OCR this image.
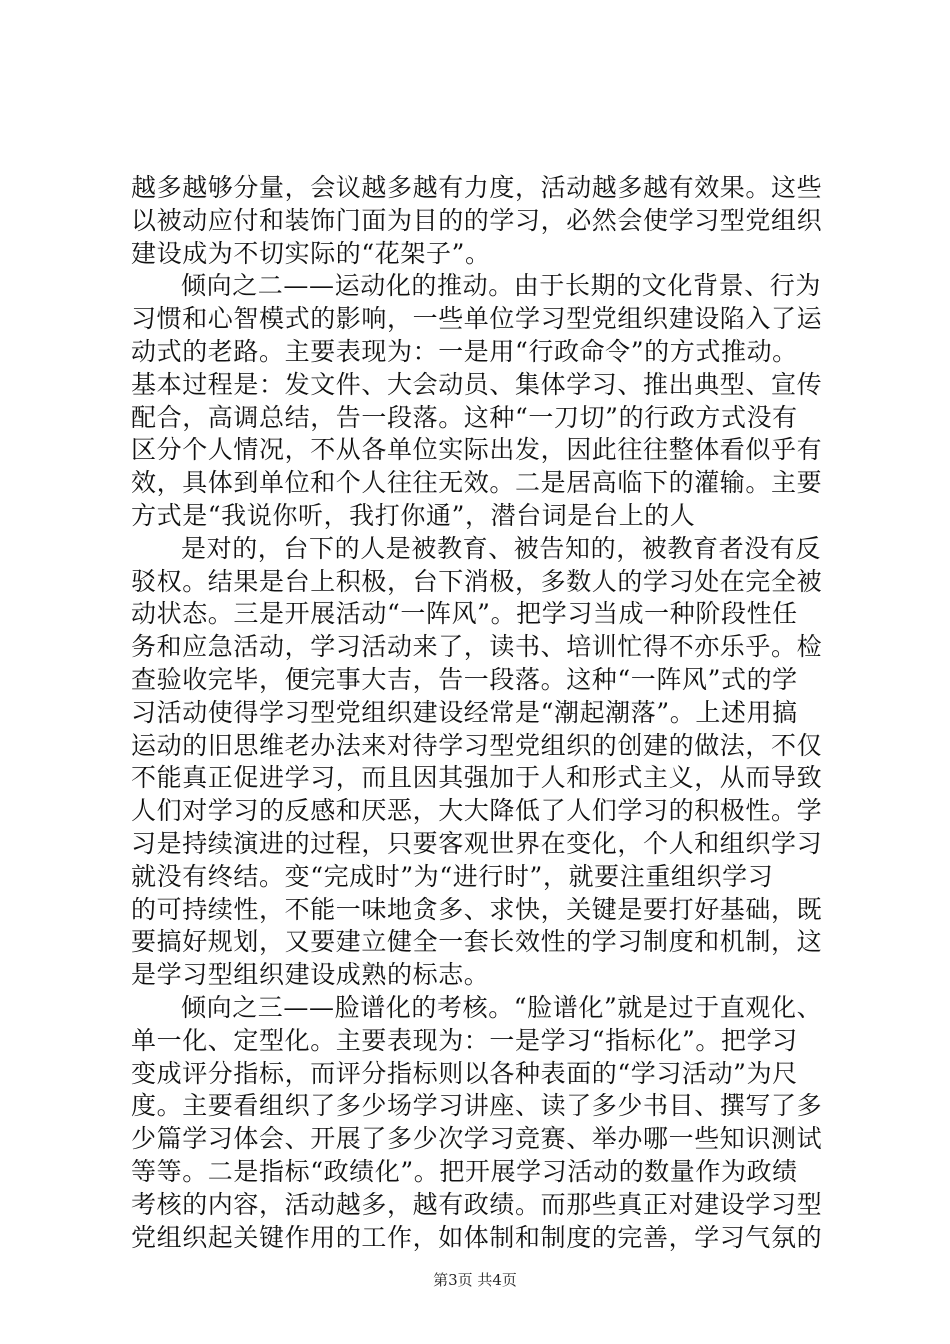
越多越够分量，会议越多越有力度，活动越多越有效果。这些
以被动应付和装饰门面为目的的学习，必然会使学习型党组织
建设成为不切实际的“花架子”。
倾向之二——运动化的推动。由于长期的文化背景、行为
习惯和心智模式的影响，一些单位学习型党组织建设陷入了运
动式的老路。主要表现为：一是用“行政命令”的方式推动。
基本过程是：发文件、大会动员、集体学习、推出典型、宣传
配合，高调总结，告一段落。这种“一刀切”的行政方式没有
区分个人情况，不从各单位实际出发，因此往往整体看似乎有
效，具体到单位和个人往往无效。二是居高临下的灌输。主要
方式是“我说你听，我打你通”，潜台词是台上的人
是对的，台下的人是被教育、被告知的，被教育者没有反
驳权。结果是台上积极，台下消极，多数人的学习处在完全被
动状态。三是开展活动“一阵风”。把学习当成一种阶段性任
务和应急活动，学习活动来了，读书、培训忙得不亦乐乎。检
查验收完毕，便完事大吉，告一段落。这种“一阵风”式的学
习活动使得学习型党组织建设经常是“潮起潮落”。上述用搞
运动的旧思维老办法来对待学习型党组织的创建的做法，不仅
不能真正促进学习，而且因其强加于人和形式主义，从而导致
人们对学习的反感和厌恶，大大降低了人们学习的积极性。学
习是持续演进的过程，只要客观世界在变化，个人和组织学习
就没有终结。变“完成时”为“进行时”，就要注重组织学习
的可持续性，不能一味地贪多、求快，关键是要打好基础，既
要搞好规划，又要建立健全一套长效性的学习制度和机制，这
是学习型组织建设成熟的标志。
倾向之三——脸谱化的考核。“脸谱化”就是过于直观化、
单一化、定型化。主要表现为：一是学习“指标化”。把学习
变成评分指标，而评分指标则以各种表面的“学习活动”为尺
度。主要看组织了多少场学习讲座、读了多少书目、撰写了多
少篇学习体会、开展了多少次学习竞赛、举办哪一些知识测试
等等。二是指标“政绩化”。把开展学习活动的数量作为政绩
考核的内容，活动越多，越有政绩。而那些真正对建设学习型
党组织起关键作用的工作，如体制和制度的完善，学习气氛的
第3页 共4页
